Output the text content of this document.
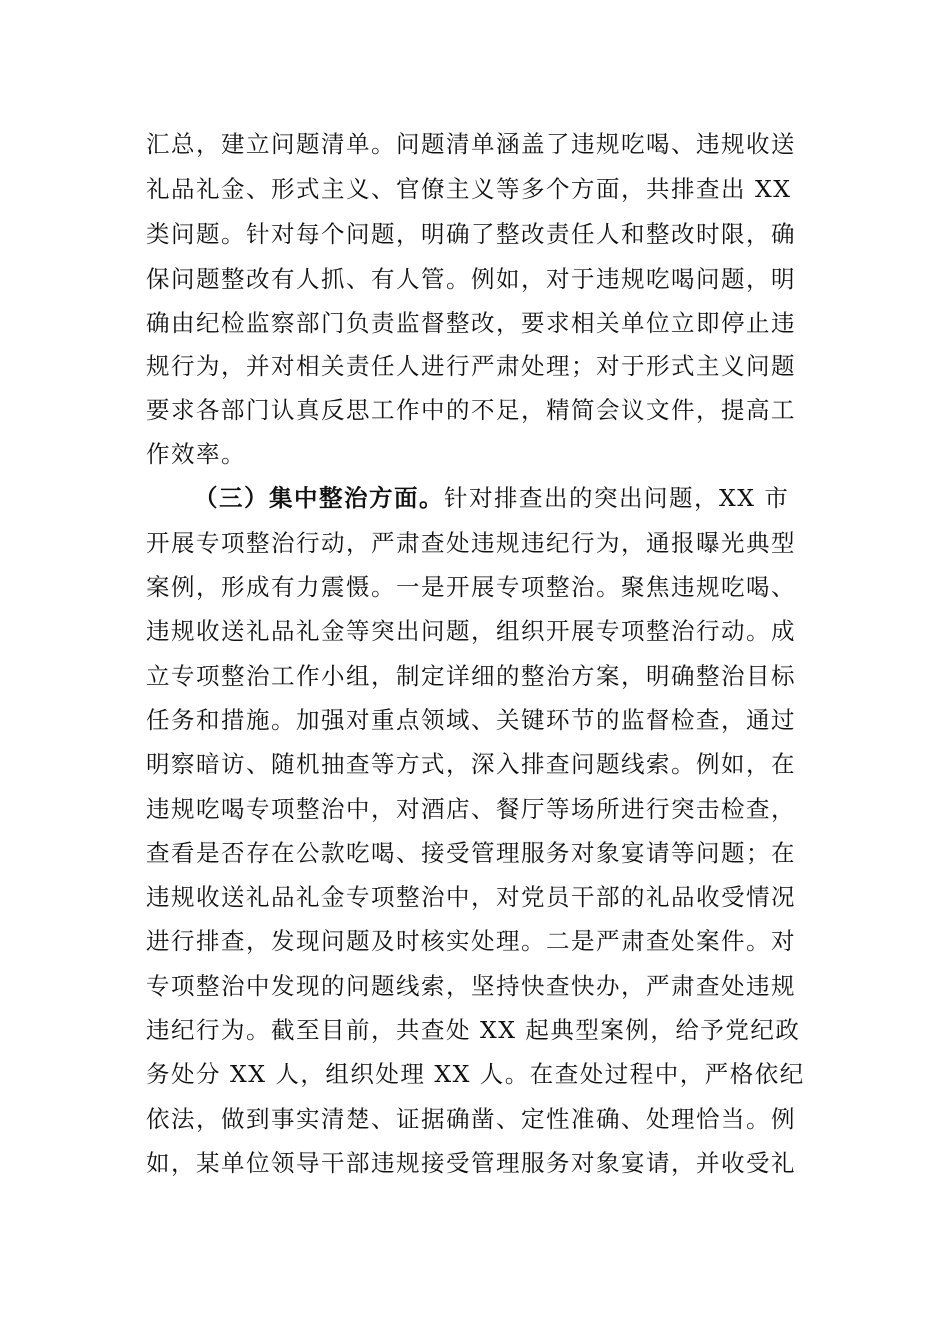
汇总，建立问题清单。问题清单涵盖了违规吃喝、违规收送
礼品礼金、形式主义、官僚主义等多个方面，共排查出 XX
类问题。针对每个问题，明确了整改责任人和整改时限，确
保问题整改有人抓、有人管。例如，对于违规吃喝问题，明
确由纪检监察部门负责监督整改，要求相关单位立即停止违
规行为，并对相关责任人进行严肃处理；对于形式主义问题
要求各部门认真反思工作中的不足，精简会议文件，提高工
作效率。
（三）集中整治方面。针对排查出的突出问题，XX 市
开展专项整治行动，严肃查处违规违纪行为，通报曝光典型
案例，形成有力震慑。一是开展专项整治。聚焦违规吃喝、
违规收送礼品礼金等突出问题，组织开展专项整治行动。成
立专项整治工作小组，制定详细的整治方案，明确整治目标
任务和措施。加强对重点领域、关键环节的监督检查，通过
明察暗访、随机抽查等方式，深入排查问题线索。例如，在
违规吃喝专项整治中，对酒店、餐厅等场所进行突击检查，
查看是否存在公款吃喝、接受管理服务对象宴请等问题；在
违规收送礼品礼金专项整治中，对党员干部的礼品收受情况
进行排查，发现问题及时核实处理。二是严肃查处案件。对
专项整治中发现的问题线索，坚持快查快办，严肃查处违规
违纪行为。截至目前，共查处 XX 起典型案例，给予党纪政
务处分 XX 人，组织处理 XX 人。在查处过程中，严格依纪
依法，做到事实清楚、证据确凿、定性准确、处理恰当。例
如，某单位领导干部违规接受管理服务对象宴请，并收受礼
